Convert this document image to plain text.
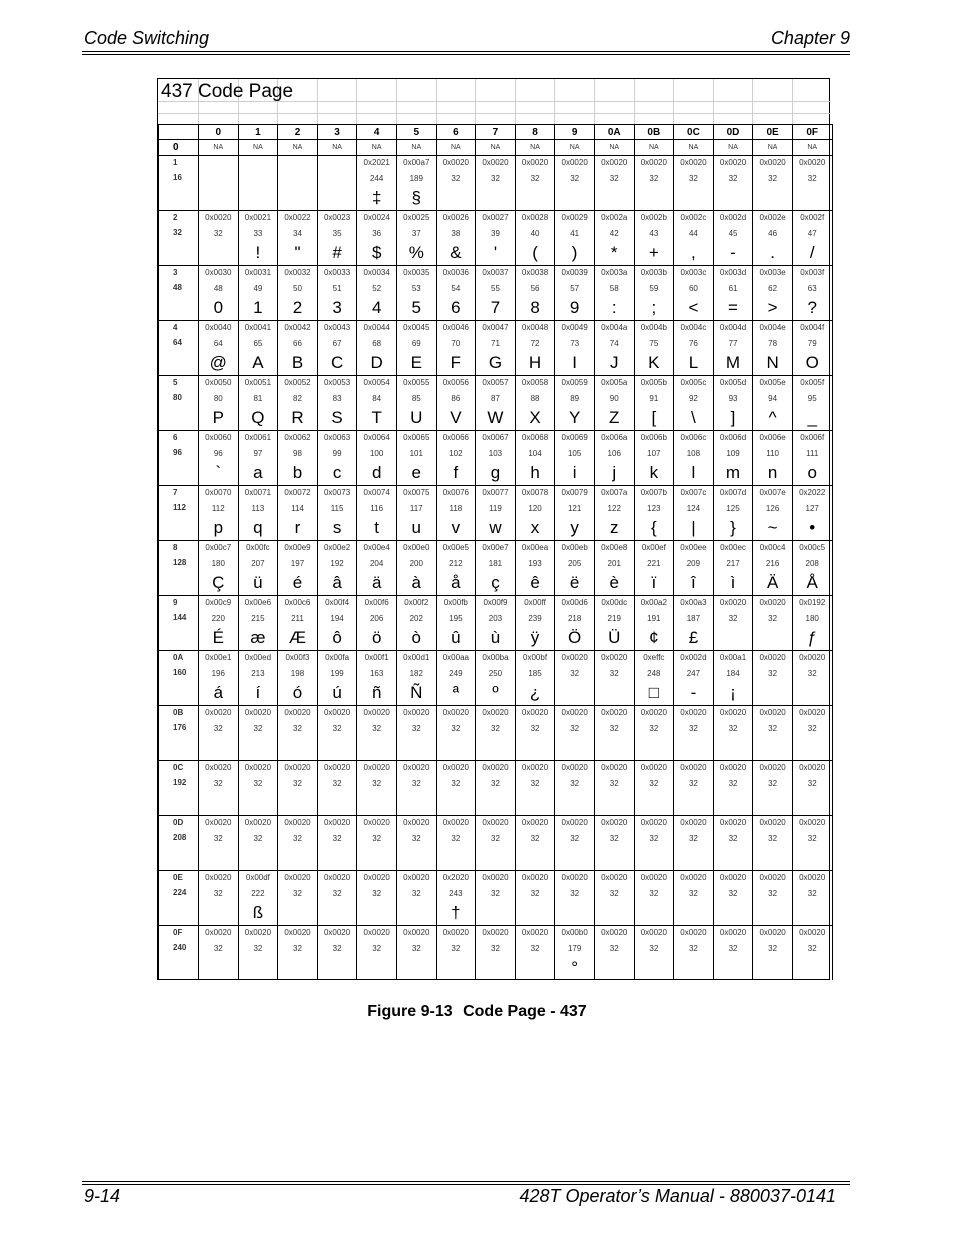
Code Switching	Chapter 9
437 Code Page
	0	1	2	3	4	5	6	7	8	9	0A	0B	0C	0D	0E	0F
0	NA	NA	NA	NA	NA	NA	NA	NA	NA	NA	NA	NA	NA	NA	NA	NA
1					0x2021	0x00a7	0x0020	0x0020	0x0020	0x0020	0x0020	0x0020	0x0020	0x0020	0x0020	0x0020
16					244	189	32	32	32	32	32	32	32	32	32	32
					‡	§										
2	0x0020	0x0021	0x0022	0x0023	0x0024	0x0025	0x0026	0x0027	0x0028	0x0029	0x002a	0x002b	0x002c	0x002d	0x002e	0x002f
32	32	33	34	35	36	37	38	39	40	41	42	43	44	45	46	47
		!	"	#	$	%	&	'	(	)	*	+	,	-	.	/
3	0x0030	0x0031	0x0032	0x0033	0x0034	0x0035	0x0036	0x0037	0x0038	0x0039	0x003a	0x003b	0x003c	0x003d	0x003e	0x003f
48	48	49	50	51	52	53	54	55	56	57	58	59	60	61	62	63
	0	1	2	3	4	5	6	7	8	9	:	;	<	=	>	?
4	0x0040	0x0041	0x0042	0x0043	0x0044	0x0045	0x0046	0x0047	0x0048	0x0049	0x004a	0x004b	0x004c	0x004d	0x004e	0x004f
64	64	65	66	67	68	69	70	71	72	73	74	75	76	77	78	79
	@	A	B	C	D	E	F	G	H	I	J	K	L	M	N	O
5	0x0050	0x0051	0x0052	0x0053	0x0054	0x0055	0x0056	0x0057	0x0058	0x0059	0x005a	0x005b	0x005c	0x005d	0x005e	0x005f
80	80	81	82	83	84	85	86	87	88	89	90	91	92	93	94	95
	P	Q	R	S	T	U	V	W	X	Y	Z	[	\	]	^	_
6	0x0060	0x0061	0x0062	0x0063	0x0064	0x0065	0x0066	0x0067	0x0068	0x0069	0x006a	0x006b	0x006c	0x006d	0x006e	0x006f
96	96	97	98	99	100	101	102	103	104	105	106	107	108	109	110	111
	`	a	b	c	d	e	f	g	h	i	j	k	l	m	n	o
7	0x0070	0x0071	0x0072	0x0073	0x0074	0x0075	0x0076	0x0077	0x0078	0x0079	0x007a	0x007b	0x007c	0x007d	0x007e	0x2022
112	112	113	114	115	116	117	118	119	120	121	122	123	124	125	126	127
	p	q	r	s	t	u	v	w	x	y	z	{	|	}	~	•
8	0x00c7	0x00fc	0x00e9	0x00e2	0x00e4	0x00e0	0x00e5	0x00e7	0x00ea	0x00eb	0x00e8	0x00ef	0x00ee	0x00ec	0x00c4	0x00c5
128	180	207	197	192	204	200	212	181	193	205	201	221	209	217	216	208
	Ç	ü	é	â	ä	à	å	ç	ê	ë	è	ï	î	ì	Ä	Å
9	0x00c9	0x00e6	0x00c6	0x00f4	0x00f6	0x00f2	0x00fb	0x00f9	0x00ff	0x00d6	0x00dc	0x00a2	0x00a3	0x0020	0x0020	0x0192
144	220	215	211	194	206	202	195	203	239	218	219	191	187	32	32	180
	É	æ	Æ	ô	ö	ò	û	ù	ÿ	Ö	Ü	¢	£			ƒ
0A	0x00e1	0x00ed	0x00f3	0x00fa	0x00f1	0x00d1	0x00aa	0x00ba	0x00bf	0x0020	0x0020	0xeffc	0x002d	0x00a1	0x0020	0x0020
160	196	213	198	199	163	182	249	250	185	32	32	248	247	184	32	32
	á	í	ó	ú	ñ	Ñ	ª	º	¿			□	-	¡		
0B	0x0020	0x0020	0x0020	0x0020	0x0020	0x0020	0x0020	0x0020	0x0020	0x0020	0x0020	0x0020	0x0020	0x0020	0x0020	0x0020
176	32	32	32	32	32	32	32	32	32	32	32	32	32	32	32	32

0C	0x0020	0x0020	0x0020	0x0020	0x0020	0x0020	0x0020	0x0020	0x0020	0x0020	0x0020	0x0020	0x0020	0x0020	0x0020	0x0020
192	32	32	32	32	32	32	32	32	32	32	32	32	32	32	32	32

0D	0x0020	0x0020	0x0020	0x0020	0x0020	0x0020	0x0020	0x0020	0x0020	0x0020	0x0020	0x0020	0x0020	0x0020	0x0020	0x0020
208	32	32	32	32	32	32	32	32	32	32	32	32	32	32	32	32

0E	0x0020	0x00df	0x0020	0x0020	0x0020	0x0020	0x2020	0x0020	0x0020	0x0020	0x0020	0x0020	0x0020	0x0020	0x0020	0x0020
224	32	222	32	32	32	32	243	32	32	32	32	32	32	32	32	32
		ß					†									
0F	0x0020	0x0020	0x0020	0x0020	0x0020	0x0020	0x0020	0x0020	0x0020	0x00b0	0x0020	0x0020	0x0020	0x0020	0x0020	0x0020
240	32	32	32	32	32	32	32	32	32	179	32	32	32	32	32	32
										°						
Figure 9-13 Code Page - 437
9-14	428T Operator’s Manual - 880037-0141
